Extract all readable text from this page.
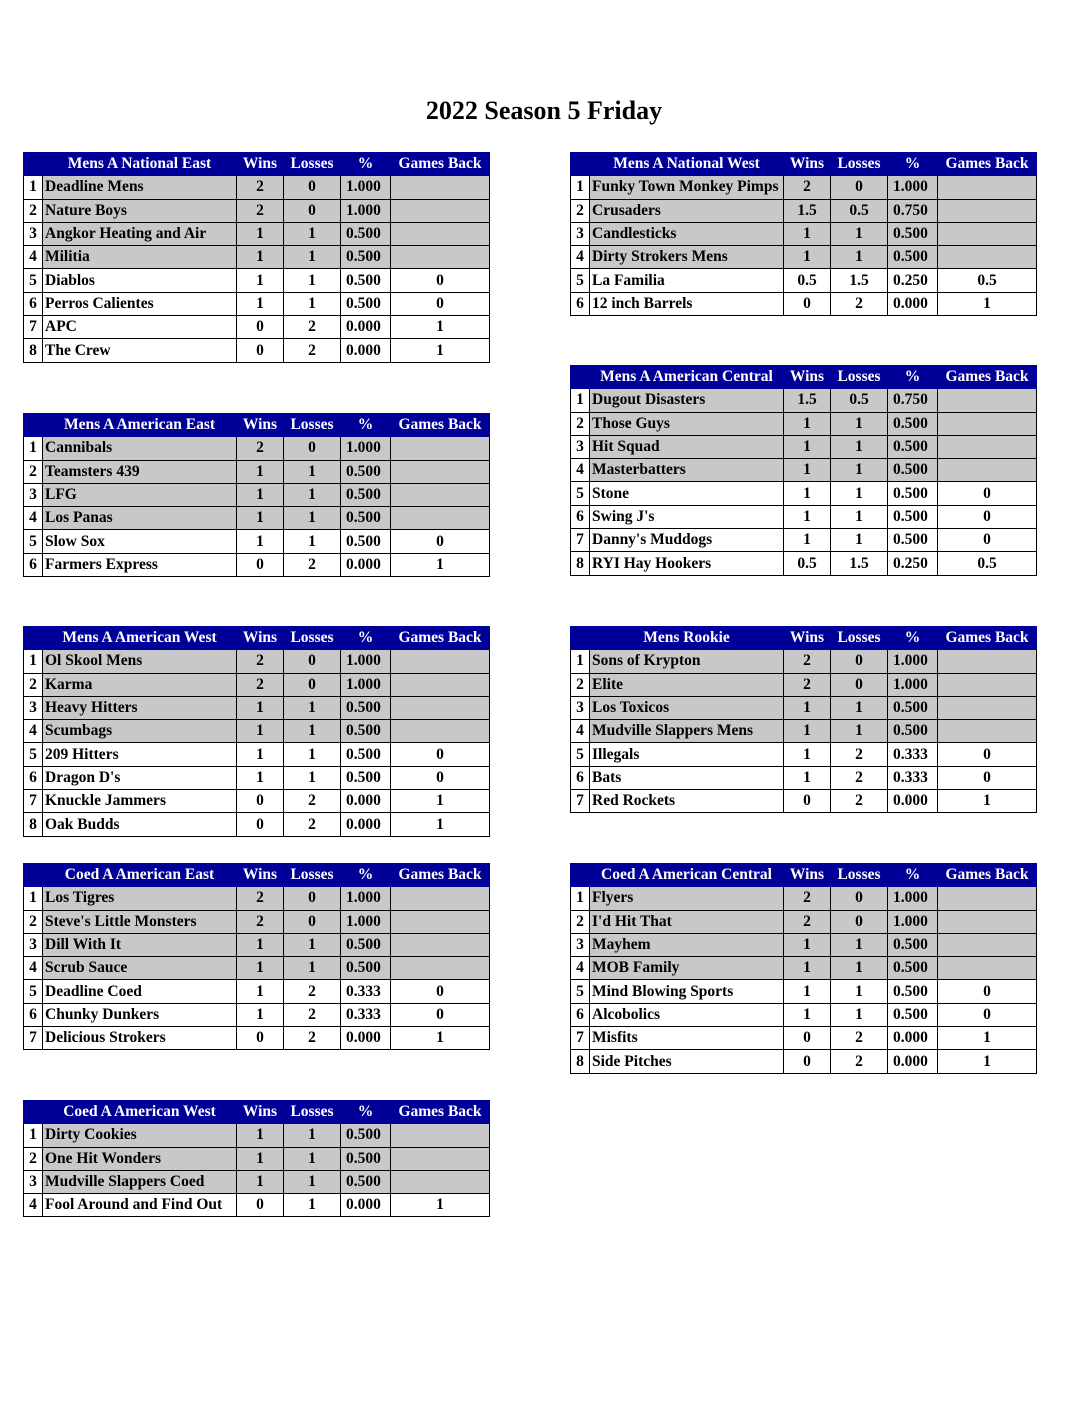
2022 Season 5 Friday
	Mens A National East	Wins	Losses	%	Games Back
1	Deadline Mens	2	0	1.000	
2	Nature Boys	2	0	1.000	
3	Angkor Heating and Air	1	1	0.500	
4	Militia	1	1	0.500	
5	Diablos	1	1	0.500	0
6	Perros Calientes	1	1	0.500	0
7	APC	0	2	0.000	1
8	The Crew	0	2	0.000	1
	Mens A National West	Wins	Losses	%	Games Back
1	Funky Town Monkey Pimps	2	0	1.000	
2	Crusaders	1.5	0.5	0.750	
3	Candlesticks	1	1	0.500	
4	Dirty Strokers Mens	1	1	0.500	
5	La Familia	0.5	1.5	0.250	0.5
6	12 inch Barrels	0	2	0.000	1
	Mens A American Central	Wins	Losses	%	Games Back
1	Dugout Disasters	1.5	0.5	0.750	
2	Those Guys	1	1	0.500	
3	Hit Squad	1	1	0.500	
4	Masterbatters	1	1	0.500	
5	Stone	1	1	0.500	0
6	Swing J's	1	1	0.500	0
7	Danny's Muddogs	1	1	0.500	0
8	RYI Hay Hookers	0.5	1.5	0.250	0.5
	Mens A American East	Wins	Losses	%	Games Back
1	Cannibals	2	0	1.000	
2	Teamsters 439	1	1	0.500	
3	LFG	1	1	0.500	
4	Los Panas	1	1	0.500	
5	Slow Sox	1	1	0.500	0
6	Farmers Express	0	2	0.000	1
	Mens A American West	Wins	Losses	%	Games Back
1	Ol Skool Mens	2	0	1.000	
2	Karma	2	0	1.000	
3	Heavy Hitters	1	1	0.500	
4	Scumbags	1	1	0.500	
5	209 Hitters	1	1	0.500	0
6	Dragon D's	1	1	0.500	0
7	Knuckle Jammers	0	2	0.000	1
8	Oak Budds	0	2	0.000	1
	Mens Rookie	Wins	Losses	%	Games Back
1	Sons of Krypton	2	0	1.000	
2	Elite	2	0	1.000	
3	Los Toxicos	1	1	0.500	
4	Mudville Slappers Mens	1	1	0.500	
5	Illegals	1	2	0.333	0
6	Bats	1	2	0.333	0
7	Red Rockets	0	2	0.000	1
	Coed A American East	Wins	Losses	%	Games Back
1	Los Tigres	2	0	1.000	
2	Steve's Little Monsters	2	0	1.000	
3	Dill With It	1	1	0.500	
4	Scrub Sauce	1	1	0.500	
5	Deadline Coed	1	2	0.333	0
6	Chunky Dunkers	1	2	0.333	0
7	Delicious Strokers	0	2	0.000	1
	Coed A American Central	Wins	Losses	%	Games Back
1	Flyers	2	0	1.000	
2	I'd Hit That	2	0	1.000	
3	Mayhem	1	1	0.500	
4	MOB Family	1	1	0.500	
5	Mind Blowing Sports	1	1	0.500	0
6	Alcobolics	1	1	0.500	0
7	Misfits	0	2	0.000	1
8	Side Pitches	0	2	0.000	1
	Coed A American West	Wins	Losses	%	Games Back
1	Dirty Cookies	1	1	0.500	
2	One Hit Wonders	1	1	0.500	
3	Mudville Slappers Coed	1	1	0.500	
4	Fool Around and Find Out	0	1	0.000	1
